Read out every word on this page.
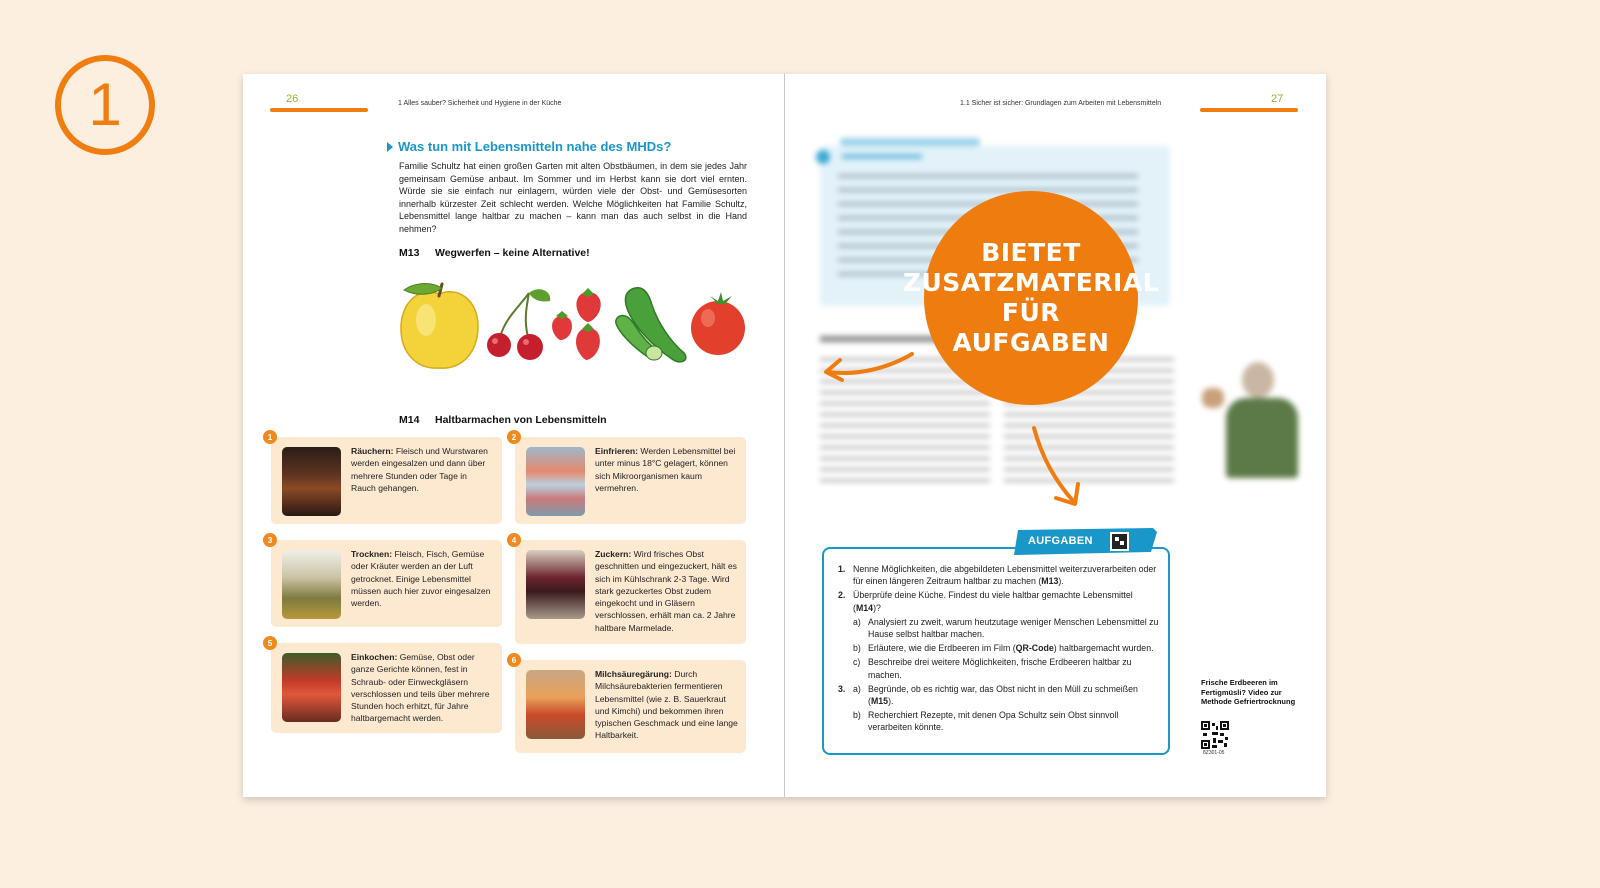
1	26	1 Alles sauber? Sicherheit und Hygiene in der Küche
Was tun mit Lebensmitteln nahe des MHDs?
Familie Schultz hat einen großen Garten mit alten Obstbäumen, in dem sie jedes Jahr gemeinsam Gemüse anbaut. Im Sommer und im Herbst kann sie dort viel ernten. Würde sie sie einfach nur einlagern, würden viele der Obst- und Gemüsesorten innerhalb kürzester Zeit schlecht werden. Welche Möglichkeiten hat Familie Schultz, Lebensmittel lange haltbar zu machen – kann man das auch selbst in die Hand nehmen?
M13 Wegwerfen – keine Alternative!
M14 Haltbarmachen von Lebensmitteln
1
Räuchern: Fleisch und Wurstwaren werden eingesalzen und dann über mehrere Stunden oder Tage in Rauch gehangen.
2
Einfrieren: Werden Lebensmittel bei unter minus 18°C gelagert, können sich Mikroorganismen kaum vermehren.
3
Trocknen: Fleisch, Fisch, Gemüse oder Kräuter werden an der Luft getrocknet. Einige Lebensmittel müssen auch hier zuvor eingesalzen werden.
4
Zuckern: Wird frisches Obst geschnitten und eingezuckert, hält es sich im Kühlschrank 2-3 Tage. Wird stark gezuckertes Obst zudem eingekocht und in Gläsern verschlossen, erhält man ca. 2 Jahre haltbare Marmelade.
5
Einkochen: Gemüse, Obst oder ganze Gerichte können, fest in Schraub- oder Einweckgläsern verschlossen und teils über mehrere Stunden hoch erhitzt, für Jahre haltbargemacht werden.
6
Milchsäuregärung: Durch Milchsäurebakterien fermentieren Lebensmittel (wie z. B. Sauerkraut und Kimchi) und bekommen ihren typischen Geschmack und eine lange Haltbarkeit.
1.1 Sicher ist sicher: Grundlagen zum Arbeiten mit Lebensmitteln	27
BIETET
ZUSATZMATERIAL
FÜR AUFGABEN
AUFGABEN
1. Nenne Möglichkeiten, die abgebildeten Lebensmittel weiterzuverarbeiten oder für einen längeren Zeitraum haltbar zu machen (M13).
2. Überprüfe deine Küche. Findest du viele haltbar gemachte Lebensmittel (M14)?
a) Analysiert zu zweit, warum heutzutage weniger Menschen Lebensmittel zu Hause selbst haltbar machen.
b) Erläutere, wie die Erdbeeren im Film (QR-Code) haltbargemacht wurden.
c) Beschreibe drei weitere Möglichkeiten, frische Erdbeeren haltbar zu machen.
3. a) Begründe, ob es richtig war, das Obst nicht in den Müll zu schmeißen (M15).
b) Recherchiert Rezepte, mit denen Opa Schultz sein Obst sinnvoll verarbeiten könnte.
Frische Erdbeeren im Fertigmüsli? Video zur Methode Gefriertrocknung
8Z301-05
